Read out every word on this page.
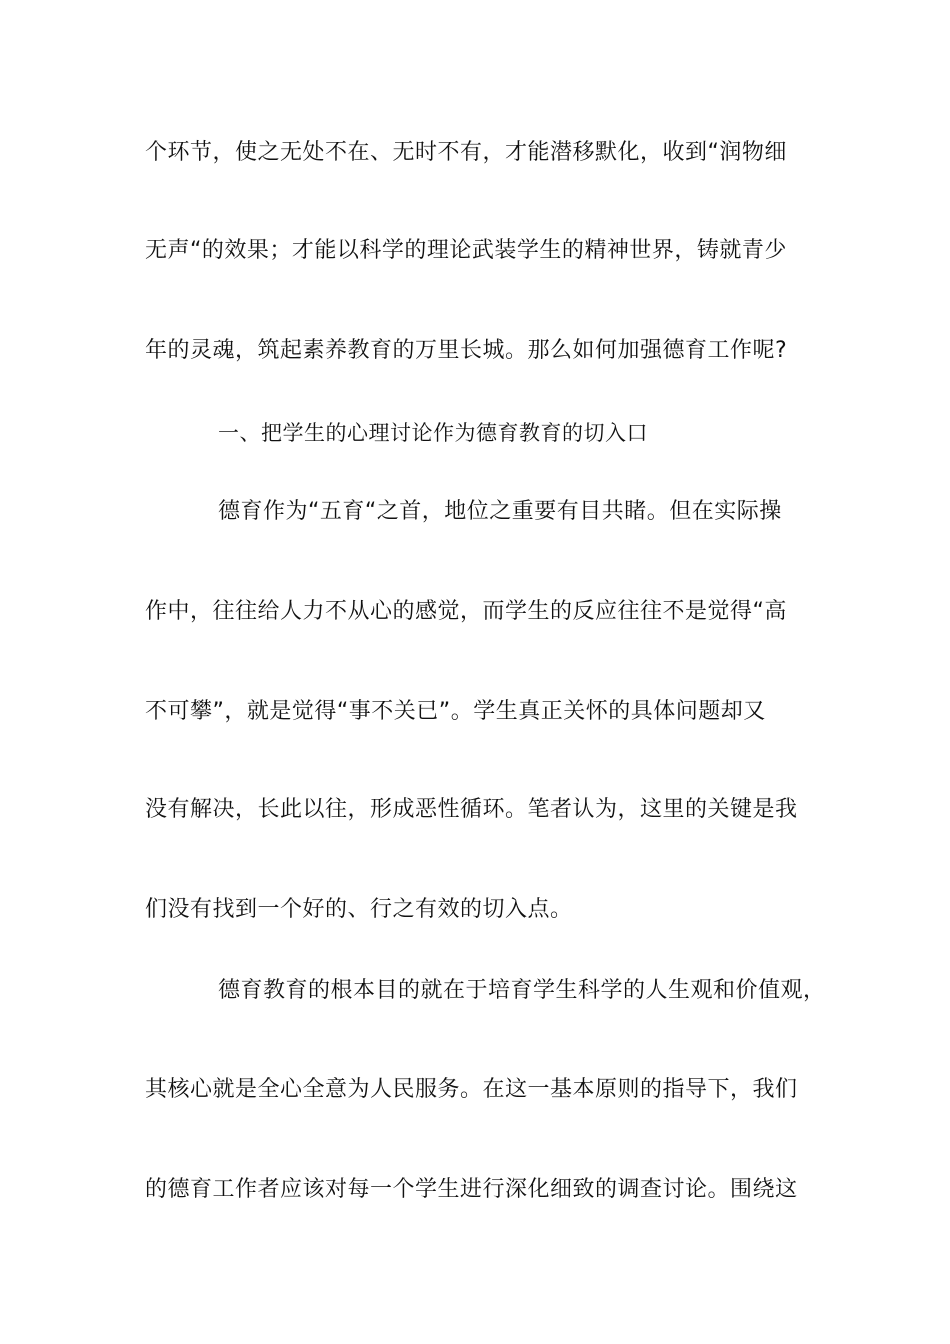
个环节，使之无处不在、无时不有，才能潜移默化，收到“润物细
无声“的效果；才能以科学的理论武装学生的精神世界，铸就青少
年的灵魂，筑起素养教育的万里长城。那么如何加强德育工作呢?
一、把学生的心理讨论作为德育教育的切入口
德育作为“五育“之首，地位之重要有目共睹。但在实际操
作中，往往给人力不从心的感觉，而学生的反应往往不是觉得“高
不可攀”，就是觉得“事不关已”。学生真正关怀的具体问题却又
没有解决，长此以往，形成恶性循环。笔者认为，这里的关键是我
们没有找到一个好的、行之有效的切入点。
德育教育的根本目的就在于培育学生科学的人生观和价值观，
其核心就是全心全意为人民服务。在这一基本原则的指导下，我们
的德育工作者应该对每一个学生进行深化细致的调查讨论。围绕这
